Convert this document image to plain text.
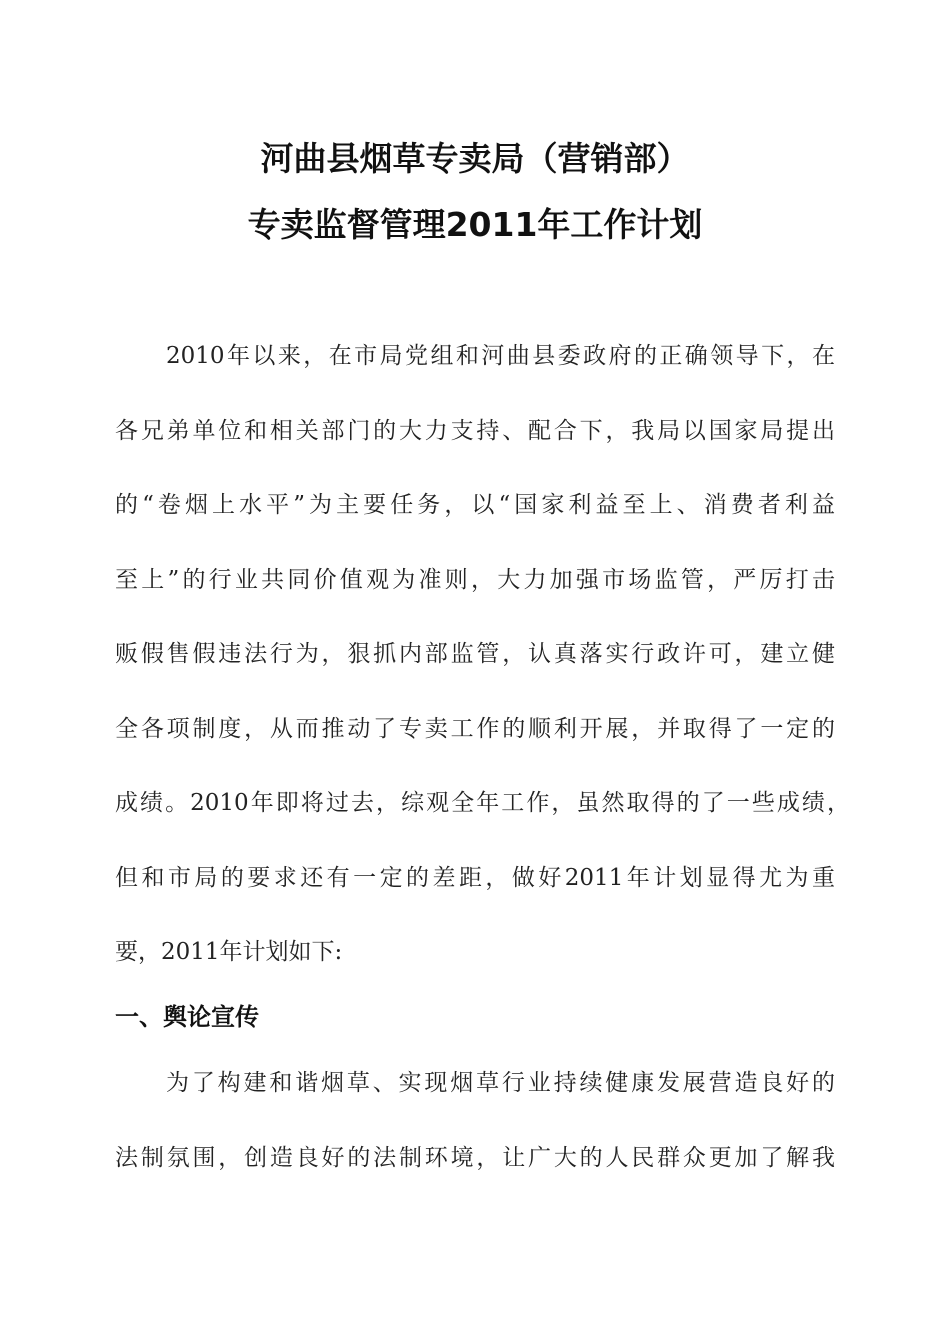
河曲县烟草专卖局（营销部）
专卖监督管理2011年工作计划
2010年以来，在市局党组和河曲县委政府的正确领导下，在
各兄弟单位和相关部门的大力支持、配合下，我局以国家局提出
的“卷烟上水平”为主要任务，以“国家利益至上、消费者利益
至上”的行业共同价值观为准则，大力加强市场监管，严厉打击
贩假售假违法行为，狠抓内部监管，认真落实行政许可，建立健
全各项制度，从而推动了专卖工作的顺利开展，并取得了一定的
成绩。2010年即将过去，综观全年工作，虽然取得的了一些成绩，
但和市局的要求还有一定的差距，做好2011年计划显得尤为重
要，2011年计划如下:
一、舆论宣传
为了构建和谐烟草、实现烟草行业持续健康发展营造良好的
法制氛围，创造良好的法制环境，让广大的人民群众更加了解我
